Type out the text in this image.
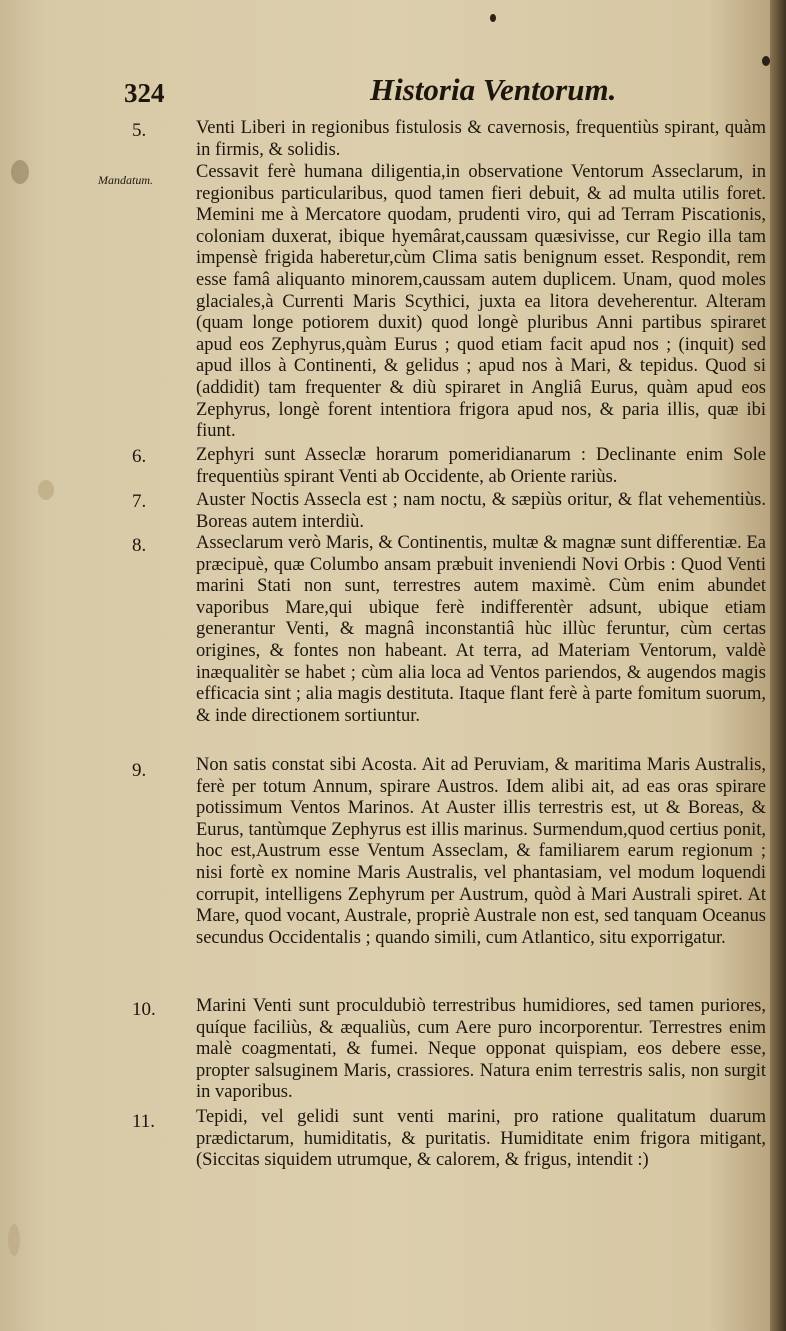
324	Historia Ventorum.
Mandatum.
5.	Venti Liberi in regionibus fistulosis & cavernosis, frequentiùs spirant, quàm in firmis, & solidis.
Cessavit ferè humana diligentia,in observatione Ventorum Asseclarum, in regionibus particularibus, quod tamen fieri debuit, & ad multa utilis foret. Memini me à Mercatore quodam, prudenti viro, qui ad Terram Piscationis, coloniam duxerat, ibique hyemârat,caussam quæsivisse, cur Regio illa tam impensè frigida haberetur,cùm Clima satis benignum esset. Respondit, rem esse famâ aliquanto minorem,caussam autem duplicem. Unam, quod moles glaciales,à Currenti Maris Scythici, juxta ea litora deveherentur. Alteram (quam longe potiorem duxit) quod longè pluribus Anni partibus spiraret apud eos Zephyrus,quàm Eurus ; quod etiam facit apud nos ; (inquit) sed apud illos à Continenti, & gelidus ; apud nos à Mari, & tepidus. Quod si (addidit) tam frequenter & diù spiraret in Angliâ Eurus, quàm apud eos Zephyrus, longè forent intentiora frigora apud nos, & paria illis, quæ ibi fiunt.
6.	Zephyri sunt Asseclæ horarum pomeridianarum : Declinante enim Sole frequentiùs spirant Venti ab Occidente, ab Oriente rariùs.
7.	Auster Noctis Assecla est ; nam noctu, & sæpiùs oritur, & flat vehementiùs. Boreas autem interdiù.
8.	Asseclarum verò Maris, & Continentis, multæ & magnæ sunt differentiæ. Ea præcipuè, quæ Columbo ansam præbuit inveniendi Novi Orbis : Quod Venti marini Stati non sunt, terrestres autem maximè. Cùm enim abundet vaporibus Mare,qui ubique ferè indifferentèr adsunt, ubique etiam generantur Venti, & magnâ inconstantiâ hùc illùc feruntur, cùm certas origines, & fontes non habeant. At terra, ad Materiam Ventorum, valdè inæqualitèr se habet ; cùm alia loca ad Ventos pariendos, & augendos magis efficacia sint ; alia magis destituta. Itaque flant ferè à parte fomitum suorum, & inde directionem sortiuntur.
9.	Non satis constat sibi Acosta. Ait ad Peruviam, & maritima Maris Australis, ferè per totum Annum, spirare Austros. Idem alibi ait, ad eas oras spirare potissimum Ventos Marinos. At Auster illis terrestris est, ut & Boreas, & Eurus, tantùmque Zephyrus est illis marinus. Surmendum,quod certius ponit, hoc est,Austrum esse Ventum Asseclam, & familiarem earum regionum ; nisi fortè ex nomine Maris Australis, vel phantasiam, vel modum loquendi corrupit, intelligens Zephyrum per Austrum, quòd à Mari Australi spiret. At Mare, quod vocant, Australe, propriè Australe non est, sed tanquam Oceanus secundus Occidentalis ; quando simili, cum Atlantico, situ exporrigatur.
10.	Marini Venti sunt proculdubiò terrestribus humidiores, sed tamen puriores, quíque faciliùs, & æqualiùs, cum Aere puro incorporentur. Terrestres enim malè coagmentati, & fumei. Neque opponat quispiam, eos debere esse, propter salsuginem Maris, crassiores. Natura enim terrestris salis, non surgit in vaporibus.
11.	Tepidi, vel gelidi sunt venti marini, pro ratione qualitatum duarum prædictarum, humiditatis, & puritatis. Humiditate enim frigora mitigant, (Siccitas siquidem utrumque, & calorem, & frigus, intendit :)
